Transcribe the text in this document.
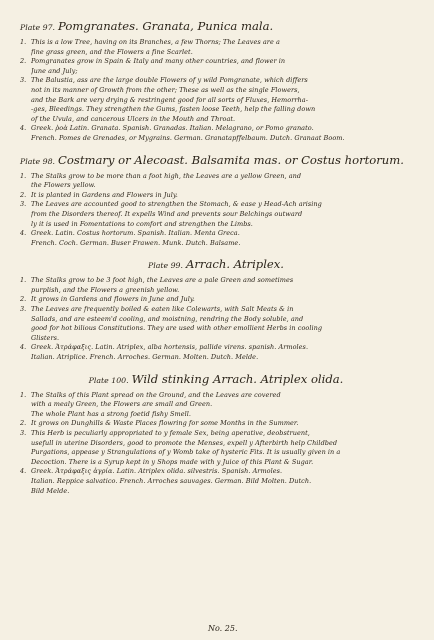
Plate 97. Pomgranates. Granata, Punica mala.
1. This is a low Tree, having on its Branches, a few Thorns; The Leaves are a
fine grass green, and the Flowers a fine Scarlet.
2. Pomgranates grow in Spain & Italy and many other countries, and flower in
June and July;
3. The Balustia, ass are the large double Flowers of y wild Pomgranate, which differs
not in its manner of Growth from the other; These as well as the single Flowers,
and the Bark are very drying & restringent good for all sorts of Fluxes, Hemorrha-
-ges, Bleedings. They strengthen the Gums, fasten loose Teeth, help the falling down
of the Uvula, and cancerous Ulcers in the Mouth and Throat.
4. Greek. ῥοὰ Latin. Granata. Spanish. Granadas. Italian. Melagrano, or Pomo granato.
French. Pomes de Grenades, or Mygrains. German. Granatapffelbaum. Dutch. Granaat Boom.
Plate 98. Costmary or Alecoast. Balsamita mas. or Costus hortorum.
1. The Stalks grow to be more than a foot high, the Leaves are a yellow Green, and
the Flowers yellow.
2. It is planted in Gardens and Flowers in July.
3. The Leaves are accounted good to strengthen the Stomach, & ease y Head-Ach arising
from the Disorders thereof. It expells Wind and prevents sour Belchings outward
ly it is used in Fomentations to comfort and strengthen the Limbs.
4. Greek. Latin. Costus hortorum. Spanish. Italian. Menta Greca.
French. Coch. German. Buser Frawen. Munk. Dutch. Balsame.
Plate 99. Arrach. Atriplex.
1. The Stalks grow to be 3 foot high, the Leaves are a pale Green and sometimes
purplish, and the Flowers a greenish yellow.
2. It grows in Gardens and flowers in June and July.
3. The Leaves are frequently boiled & eaten like Colewarts, with Salt Meats & in
Sallads, and are esteem'd cooling, and moistning, rendring the Body soluble, and
good for hot bilious Constitutions. They are used with other emollient Herbs in cooling
Glisters.
4. Greek. Ἀτράφαξις. Latin. Atriplex, alba hortensis, pallide virens. spanish. Armoles.
Italian. Atriplice. French. Arroches. German. Molten. Dutch. Melde.
Plate 100. Wild stinking Arrach. Atriplex olida.
1. The Stalks of this Plant spread on the Ground, and the Leaves are covered
with a mealy Green, the Flowers are small and Green.
The whole Plant has a strong foetid fishy Smell.
2. It grows on Dunghills & Waste Places flowring for some Months in the Summer.
3. This Herb is peculiarly appropriated to y female Sex, being aperative, deobstruent,
usefull in uterine Disorders, good to promote the Menses, expell y Afterbirth help Childbed
Purgations, appease y Strangulations of y Womb take of hysteric Fits. It is usually given in a
Decoction. There is a Syrup kept in y Shops made with y Juice of this Plant & Sugar.
4. Greek. Ἀτράφαξις ἀγρία. Latin. Atriplex olida. silvestris. Spanish. Armoles.
Italian. Reppice salvatico. French. Arroches sauvages. German. Bild Molten. Dutch.
Bild Melde.
No. 25.
